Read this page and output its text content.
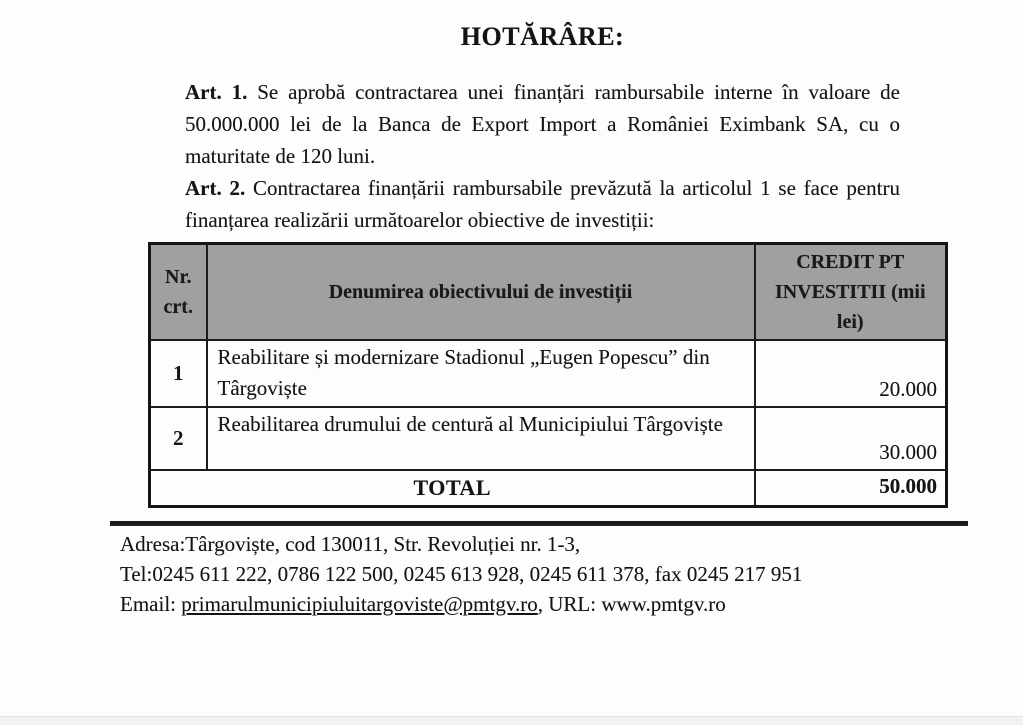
HOTĂRÂRE:

Art. 1. Se aprobă contractarea unei finanțări rambursabile interne în valoare de 50.000.000 lei de la Banca de Export Import a României Eximbank SA, cu o maturitate de 120 luni.

Art. 2. Contractarea finanțării rambursabile prevăzută la articolul 1 se face pentru finanțarea realizării următoarelor obiective de investiții:

Nr. crt.	Denumirea obiectivului de investiții	CREDIT PT INVESTITII (mii lei)
1	Reabilitare și modernizare Stadionul „Eugen Popescu” din Târgoviște	20.000
2	Reabilitarea drumului de centură al Municipiului Târgoviște	30.000
TOTAL		50.000
Adresa:Târgoviște, cod 130011, Str. Revoluției nr. 1-3,
Tel:0245 611 222, 0786 122 500, 0245 613 928, 0245 611 378, fax 0245 217 951
Email: primarulmunicipiuluitargoviste@pmtgv.ro, URL: www.pmtgv.ro
